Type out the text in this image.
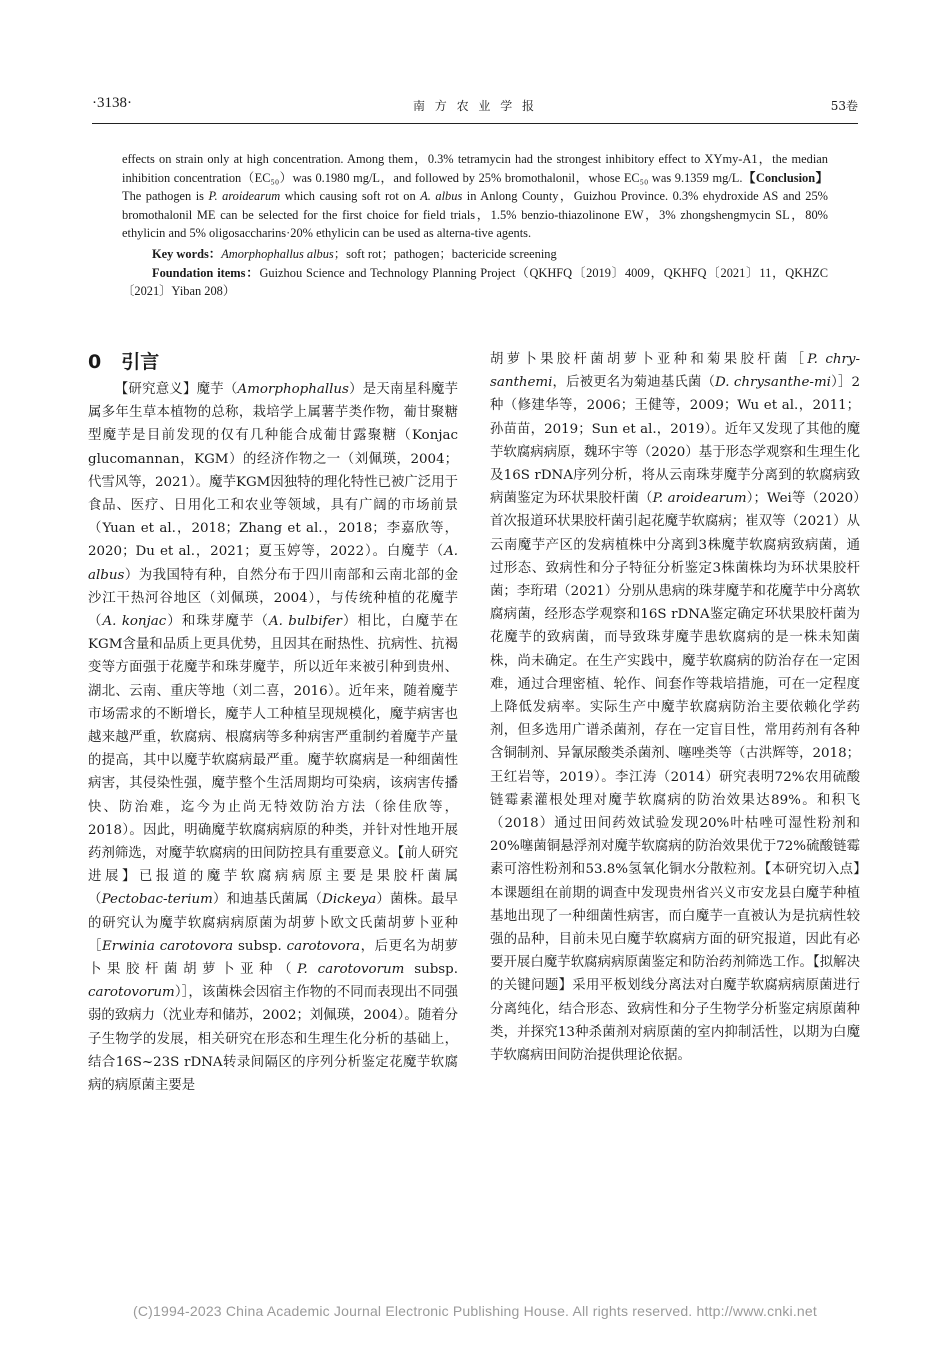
·3138·	南 方 农 业 学 报	53卷

effects on strain only at high concentration. Among them，0.3% tetramycin had the strongest inhibitory effect to XYmy-A1，the median inhibition concentration（EC₅₀）was 0.1980 mg/L，and followed by 25% bromothalonil，whose EC₅₀ was 9.1359 mg/L.【Conclusion】The pathogen is P. aroidearum which causing soft rot on A. albus in Anlong County，Guizhou Province. 0.3% ehydroxide AS and 25% bromothalonil ME can be selected for the first choice for field trials，1.5% benzio-thiazolinone EW，3% zhongshengmycin SL，80% ethylicin and 5% oligosaccharins·20% ethylicin can be used as alterna-tive agents.

Key words：Amorphophallus albus；soft rot；pathogen；bactericide screening

Foundation items：Guizhou Science and Technology Planning Project（QKHFQ〔2019〕4009，QKHFQ〔2021〕11，QKHZC〔2021〕Yiban 208）

0 引言

【研究意义】魔芋（Amorphophallus）是天南星科魔芋属多年生草本植物的总称，栽培学上属薯芋类作物，葡甘聚糖型魔芋是目前发现的仅有几种能合成葡甘露聚糖（Konjac glucomannan，KGM）的经济作物之一（刘佩瑛，2004；代雪风等，2021）。魔芋KGM因独特的理化特性已被广泛用于食品、医疗、日用化工和农业等领域，具有广阔的市场前景（Yuan et al.，2018；Zhang et al.，2018；李嘉欣等，2020；Du et al.，2021；夏玉婷等，2022）。白魔芋（A. albus）为我国特有种，自然分布于四川南部和云南北部的金沙江干热河谷地区（刘佩瑛，2004），与传统种植的花魔芋（A. konjac）和珠芽魔芋（A. bulbifer）相比，白魔芋在KGM含量和品质上更具优势，且因其在耐热性、抗病性、抗褐变等方面强于花魔芋和珠芽魔芋，所以近年来被引种到贵州、湖北、云南、重庆等地（刘二喜，2016）。近年来，随着魔芋市场需求的不断增长，魔芋人工种植呈现规模化，魔芋病害也越来越严重，软腐病、根腐病等多种病害严重制约着魔芋产量的提高，其中以魔芋软腐病最严重。魔芋软腐病是一种细菌性病害，其侵染性强，魔芋整个生活周期均可染病，该病害传播快、防治难，迄今为止尚无特效防治方法（徐佳欣等，2018）。因此，明确魔芋软腐病病原的种类，并针对性地开展药剂筛选，对魔芋软腐病的田间防控具有重要意义。【前人研究进展】已报道的魔芋软腐病病原主要是果胶杆菌属（Pectobac-terium）和迪基氏菌属（Dickeya）菌株。最早的研究认为魔芋软腐病病原菌为胡萝卜欧文氏菌胡萝卜亚种［Erwinia carotovora subsp. carotovora，后更名为胡萝卜果胶杆菌胡萝卜亚种（P. carotovorum subsp. carotovorum）］，该菌株会因宿主作物的不同而表现出不同强弱的致病力（沈业寿和储苏，2002；刘佩瑛，2004）。随着分子生物学的发展，相关研究在形态和生理生化分析的基础上，结合16S~23S rDNA转录间隔区的序列分析鉴定花魔芋软腐病的病原菌主要是

胡萝卜果胶杆菌胡萝卜亚种和菊果胶杆菌［P. chry-santhemi，后被更名为菊迪基氏菌（D. chrysanthe-mi）］2种（修建华等，2006；王健等，2009；Wu et al.，2011；孙苗苗，2019；Sun et al.，2019）。近年又发现了其他的魔芋软腐病病原，魏环宇等（2020）基于形态学观察和生理生化及16S rDNA序列分析，将从云南珠芽魔芋分离到的软腐病致病菌鉴定为环状果胶杆菌（P. aroidearum）；Wei等（2020）首次报道环状果胶杆菌引起花魔芋软腐病；崔双等（2021）从云南魔芋产区的发病植株中分离到3株魔芋软腐病致病菌，通过形态、致病性和分子特征分析鉴定3株菌株均为环状果胶杆菌；李珩珺（2021）分别从患病的珠芽魔芋和花魔芋中分离软腐病菌，经形态学观察和16S rDNA鉴定确定环状果胶杆菌为花魔芋的致病菌，而导致珠芽魔芋患软腐病的是一株未知菌株，尚未确定。在生产实践中，魔芋软腐病的防治存在一定困难，通过合理密植、轮作、间套作等栽培措施，可在一定程度上降低发病率。实际生产中魔芋软腐病防治主要依赖化学药剂，但多选用广谱杀菌剂，存在一定盲目性，常用药剂有各种含铜制剂、异氰尿酸类杀菌剂、噻唑类等（古洪辉等，2018；王红岩等，2019）。李江涛（2014）研究表明72%农用硫酸链霉素灌根处理对魔芋软腐病的防治效果达89%。和积飞（2018）通过田间药效试验发现20%叶枯唑可湿性粉剂和20%噻菌铜悬浮剂对魔芋软腐病的防治效果优于72%硫酸链霉素可溶性粉剂和53.8%氢氧化铜水分散粒剂。【本研究切入点】本课题组在前期的调查中发现贵州省兴义市安龙县白魔芋种植基地出现了一种细菌性病害，而白魔芋一直被认为是抗病性较强的品种，目前未见白魔芋软腐病方面的研究报道，因此有必要开展白魔芋软腐病病原菌鉴定和防治药剂筛选工作。【拟解决的关键问题】采用平板划线分离法对白魔芋软腐病病原菌进行分离纯化，结合形态、致病性和分子生物学分析鉴定病原菌种类，并探究13种杀菌剂对病原菌的室内抑制活性，以期为白魔芋软腐病田间防治提供理论依据。

(C)1994-2023 China Academic Journal Electronic Publishing House. All rights reserved. http://www.cnki.net
